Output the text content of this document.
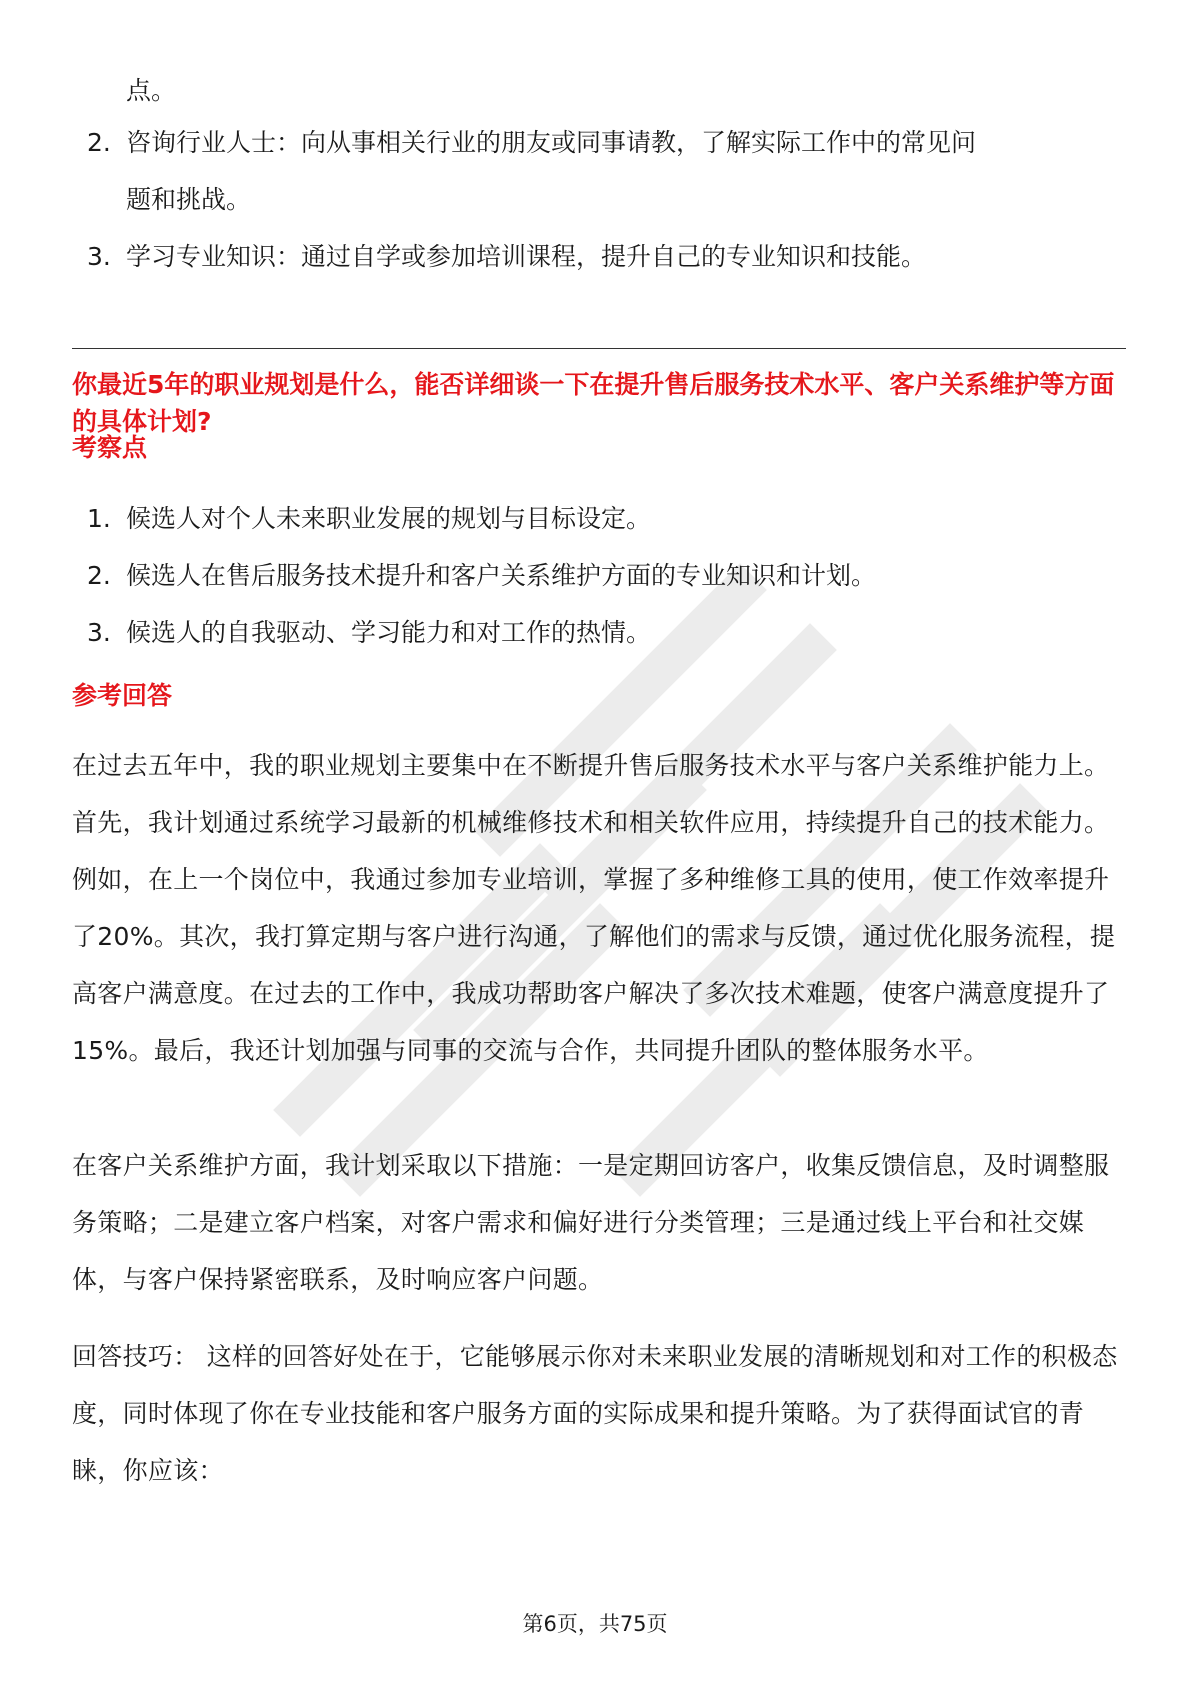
点。
2. 咨询行业人士：向从事相关行业的朋友或同事请教，了解实际工作中的常见问
题和挑战。
3. 学习专业知识：通过自学或参加培训课程，提升自己的专业知识和技能。

你最近5年的职业规划是什么，能否详细谈一下在提升售后服务技术水平、客户关系维护等方面的具体计划?

考察点
1. 候选人对个人未来职业发展的规划与目标设定。
2. 候选人在售后服务技术提升和客户关系维护方面的专业知识和计划。
3. 候选人的自我驱动、学习能力和对工作的热情。
参考回答

在过去五年中，我的职业规划主要集中在不断提升售后服务技术水平与客户关系维护能力上。首先，我计划通过系统学习最新的机械维修技术和相关软件应用，持续提升自己的技术能力。例如，在上一个岗位中，我通过参加专业培训，掌握了多种维修工具的使用，使工作效率提升了20%。其次，我打算定期与客户进行沟通，了解他们的需求与反馈，通过优化服务流程，提高客户满意度。在过去的工作中，我成功帮助客户解决了多次技术难题，使客户满意度提升了15%。最后，我还计划加强与同事的交流与合作，共同提升团队的整体服务水平。

在客户关系维护方面，我计划采取以下措施：一是定期回访客户，收集反馈信息，及时调整服务策略；二是建立客户档案，对客户需求和偏好进行分类管理；三是通过线上平台和社交媒体，与客户保持紧密联系，及时响应客户问题。

回答技巧： 这样的回答好处在于，它能够展示你对未来职业发展的清晰规划和对工作的积极态度，同时体现了你在专业技能和客户服务方面的实际成果和提升策略。为了获得面试官的青睐，你应该：

第6页，共75页
